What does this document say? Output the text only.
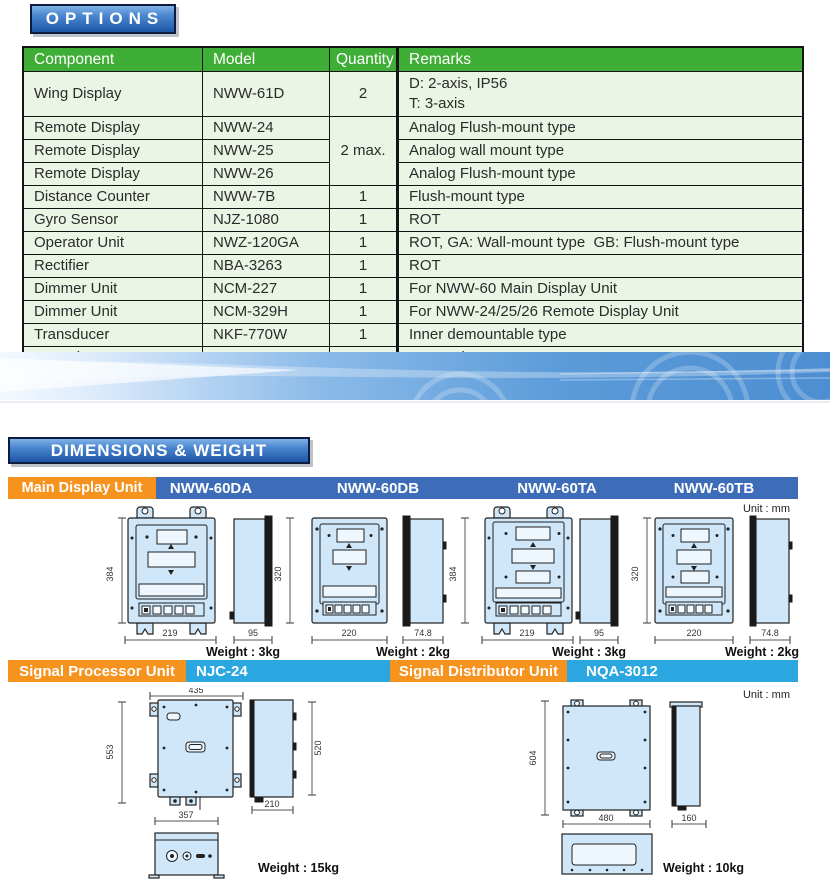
OPTIONS
Component	Model	Quantity	Remarks
Wing Display	NWW-61D	2	D: 2-axis, IP56
T: 3-axis

Remote Display	NWW-24	2 max.	Analog Flush-mount type
Remote Display	NWW-25		Analog wall mount type
Remote Display	NWW-26		Analog Flush-mount type
Distance Counter	NWW-7B	1	Flush-mount type
Gyro Sensor	NJZ-1080	1	ROT
Operator Unit	NWZ-120GA	1	ROT, GA: Wall-mount type  GB: Flush-mount type
Rectifier	NBA-3263	1	ROT
Dimmer Unit	NCM-227	1	For NWW-60 Main Display Unit
Dimmer Unit	NCM-329H	1	For NWW-24/25/26 Remote Display Unit
Transducer	NKF-770W	1	Inner demountable type

DIMENSIONS & WEIGHT
Main Display Unit	NWW-60DA	NWW-60DB	NWW-60TA	NWW-60TB
Unit : mm
384
219	95
Weight : 3kg
320
220	74.8
Weight : 2kg
384
219	95
Weight : 3kg
320
220	74.8
Weight : 2kg
Signal Processor Unit	NJC-24	Signal Distributor Unit	NQA-3012
Unit : mm
435
553	520
210
357
Weight : 15kg
604
480	160
Weight : 10kg
